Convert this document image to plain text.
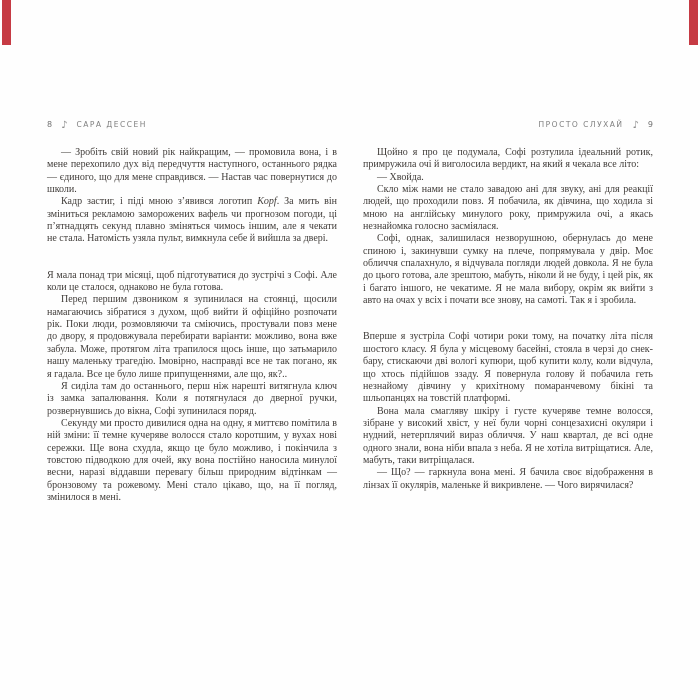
8 ♪ САРА ДЕССЕН

— Зробіть свій новий рік найкращим, — промовила вона, і в мене перехопило дух від передчуття наступного, останнього рядка — єдиного, що для мене справдився. — Настав час повернутися до школи.

Кадр застиг, і піді мною з’явився логотип Kopf. За мить він зміниться рекламою заморожених вафель чи прогнозом погоди, ці п’ятнадцять секунд плавно зміняться чимось іншим, але я чекати не стала. Натомість узяла пульт, вимкнула себе й вийшла за двері.

Я мала понад три місяці, щоб підготуватися до зустрічі з Софі. Але коли це сталося, однаково не була готова.

Перед першим дзвоником я зупинилася на стоянці, щосили намагаючись зібратися з духом, щоб вийти й офіційно розпочати рік. Поки люди, розмовляючи та сміючись, простували повз мене до двору, я продовжувала перебирати варіанти: можливо, вона вже забула. Може, протягом літа трапилося щось інше, що затьмарило нашу маленьку трагедію. Імовірно, насправді все не так погано, як я гадала. Все це було лише припущеннями, але що, як?..

Я сиділа там до останнього, перш ніж нарешті витягнула ключ із замка запалювання. Коли я потягнулася до дверної ручки, розвернувшись до вікна, Софі зупинилася поряд.

Секунду ми просто дивилися одна на одну, я миттєво помітила в ній зміни: її темне кучеряве волосся стало коротшим, у вухах нові сережки. Ще вона схудла, якщо це було можливо, і покінчила з товстою підводкою для очей, яку вона постійно наносила минулої весни, наразі віддавши перевагу більш природним відтінкам — бронзовому та рожевому. Мені стало цікаво, що, на її погляд, змінилося в мені.

ПРОСТО СЛУХАЙ ♪ 9

Щойно я про це подумала, Софі розтулила ідеальний ротик, примружила очі й виголосила вердикт, на який я чекала все літо:

— Хвойда.

Скло між нами не стало завадою ані для звуку, ані для реакції людей, що проходили повз. Я побачила, як дівчина, що ходила зі мною на англійську минулого року, примружила очі, а якась незнайомка голосно засміялася.

Софі, однак, залишилася незворушною, обернулась до мене спиною і, закинувши сумку на плече, попрямувала у двір. Моє обличчя спалахнуло, я відчувала погляди людей довкола. Я не була до цього готова, але зрештою, мабуть, ніколи й не буду, і цей рік, як і багато іншого, не чекатиме. Я не мала вибору, окрім як вийти з авто на очах у всіх і почати все знову, на самоті. Так я і зробила.

Вперше я зустріла Софі чотири роки тому, на початку літа після шостого класу. Я була у місцевому басейні, стояла в черзі до снек-бару, стискаючи дві вологі купюри, щоб купити колу, коли відчула, що хтось підійшов ззаду. Я повернула голову й побачила геть незнайому дівчину у крихітному помаранчевому бікіні та шльопанцях на товстій платформі.

Вона мала смагляву шкіру і густе кучеряве темне волосся, зібране у високий хвіст, у неї були чорні сонцезахисні окуляри і нудний, нетерплячий вираз обличчя. У наш квартал, де всі одне одного знали, вона ніби впала з неба. Я не хотіла витріщатися. Але, мабуть, таки витріщалася.

— Що? — гаркнула вона мені. Я бачила своє відображення в лінзах її окулярів, маленьке й викривлене. — Чого вирячилася?
